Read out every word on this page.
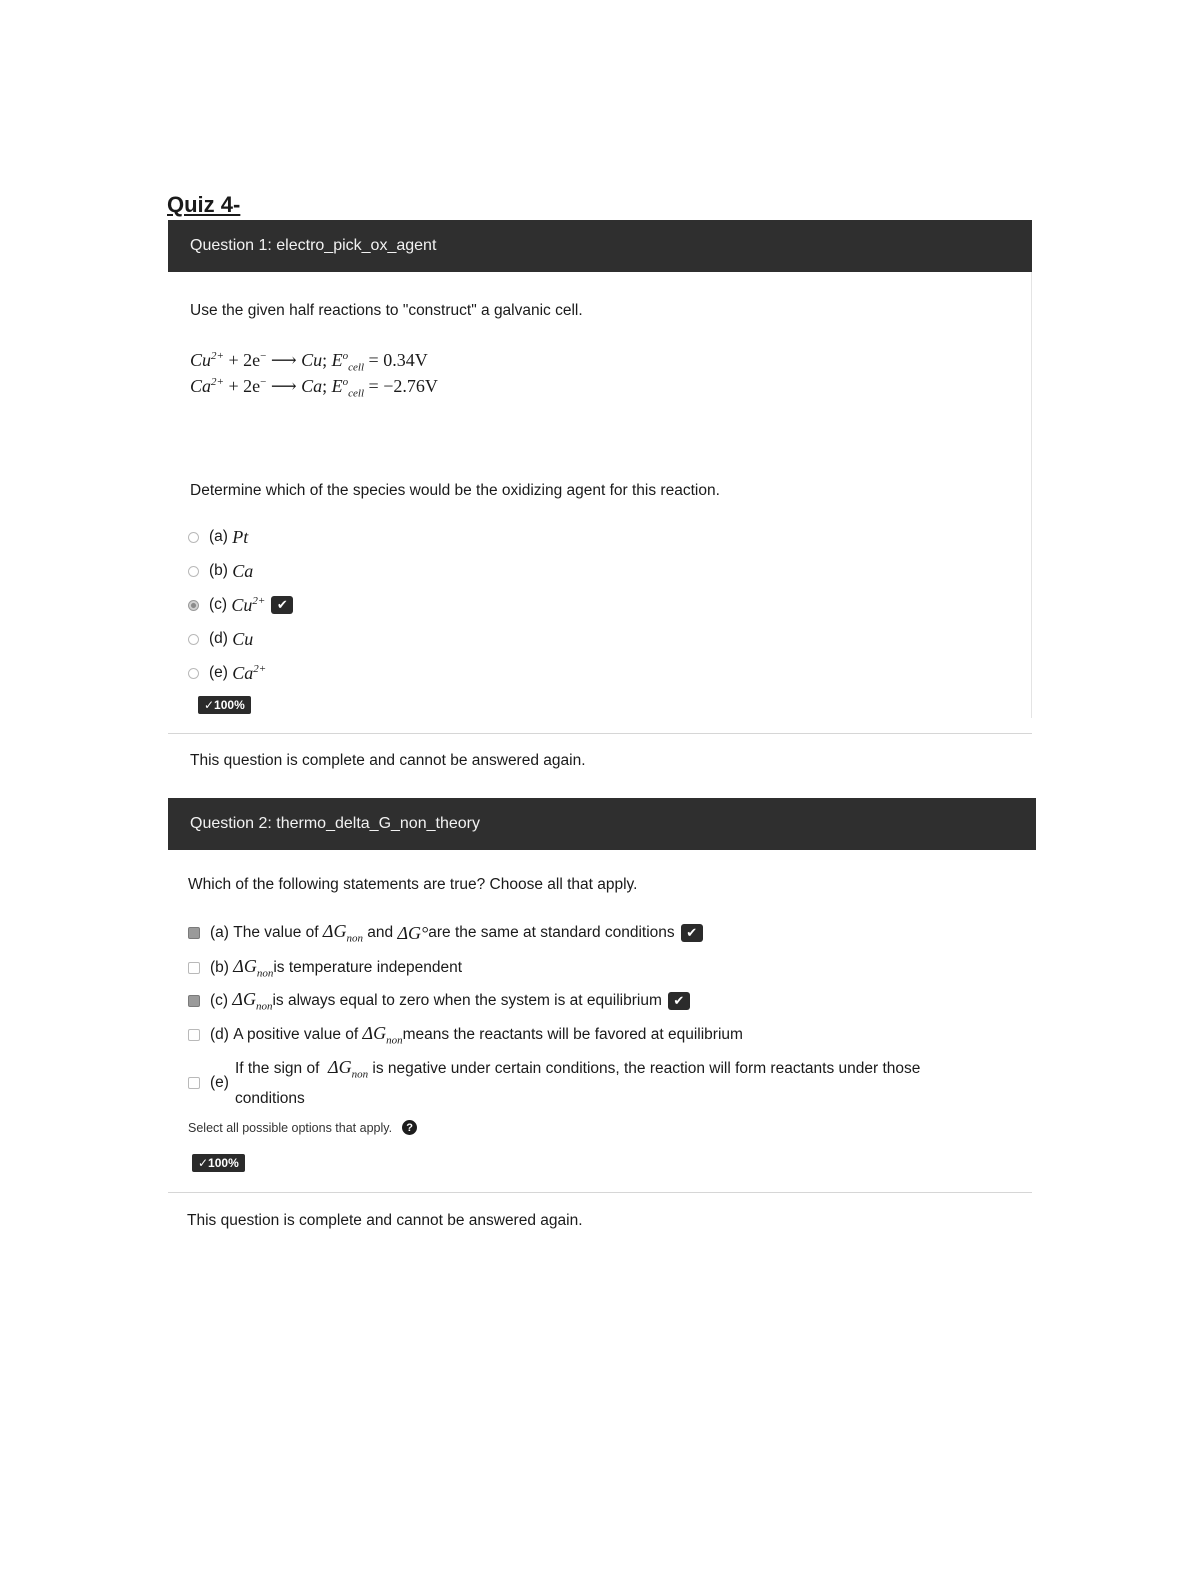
Quiz 4-
Question 1: electro_pick_ox_agent
Use the given half reactions to "construct" a galvanic cell.
$Cu^{2+} + 2e^-$ ⟶ Cu; $E^o_{cell} = 0.34V$
$Ca^{2+} + 2e^-$ ⟶ Ca; $E^o_{cell} = -2.76V$
Determine which of the species would be the oxidizing agent for this reaction.
(a)
Pt
(b)
Ca
(c)
$Cu^{2+}$ ✔
(d)
Cu
(e)
$Ca^{2+}$
✓100%
This question is complete and cannot be answered again.
Question 2: thermo_delta_G_non_theory
Which of the following statements are true? Choose all that apply.
(a)
The value of
$\Delta G_{non}$
and
ΔG° are the same at standard conditions ✔
(b)
$\Delta G_{non}$ is temperature independent
(c)
$\Delta G_{non}$ is always equal to zero when the system is at equilibrium ✔
(d)
A positive value of
$\Delta G_{non}$ means the reactants will be favored at equilibrium
(e)
If the sign of  $\Delta G_{non}$ is negative under certain conditions, the reaction will form reactants under those
conditions
Select all possible options that apply.	?
✓100%
This question is complete and cannot be answered again.
